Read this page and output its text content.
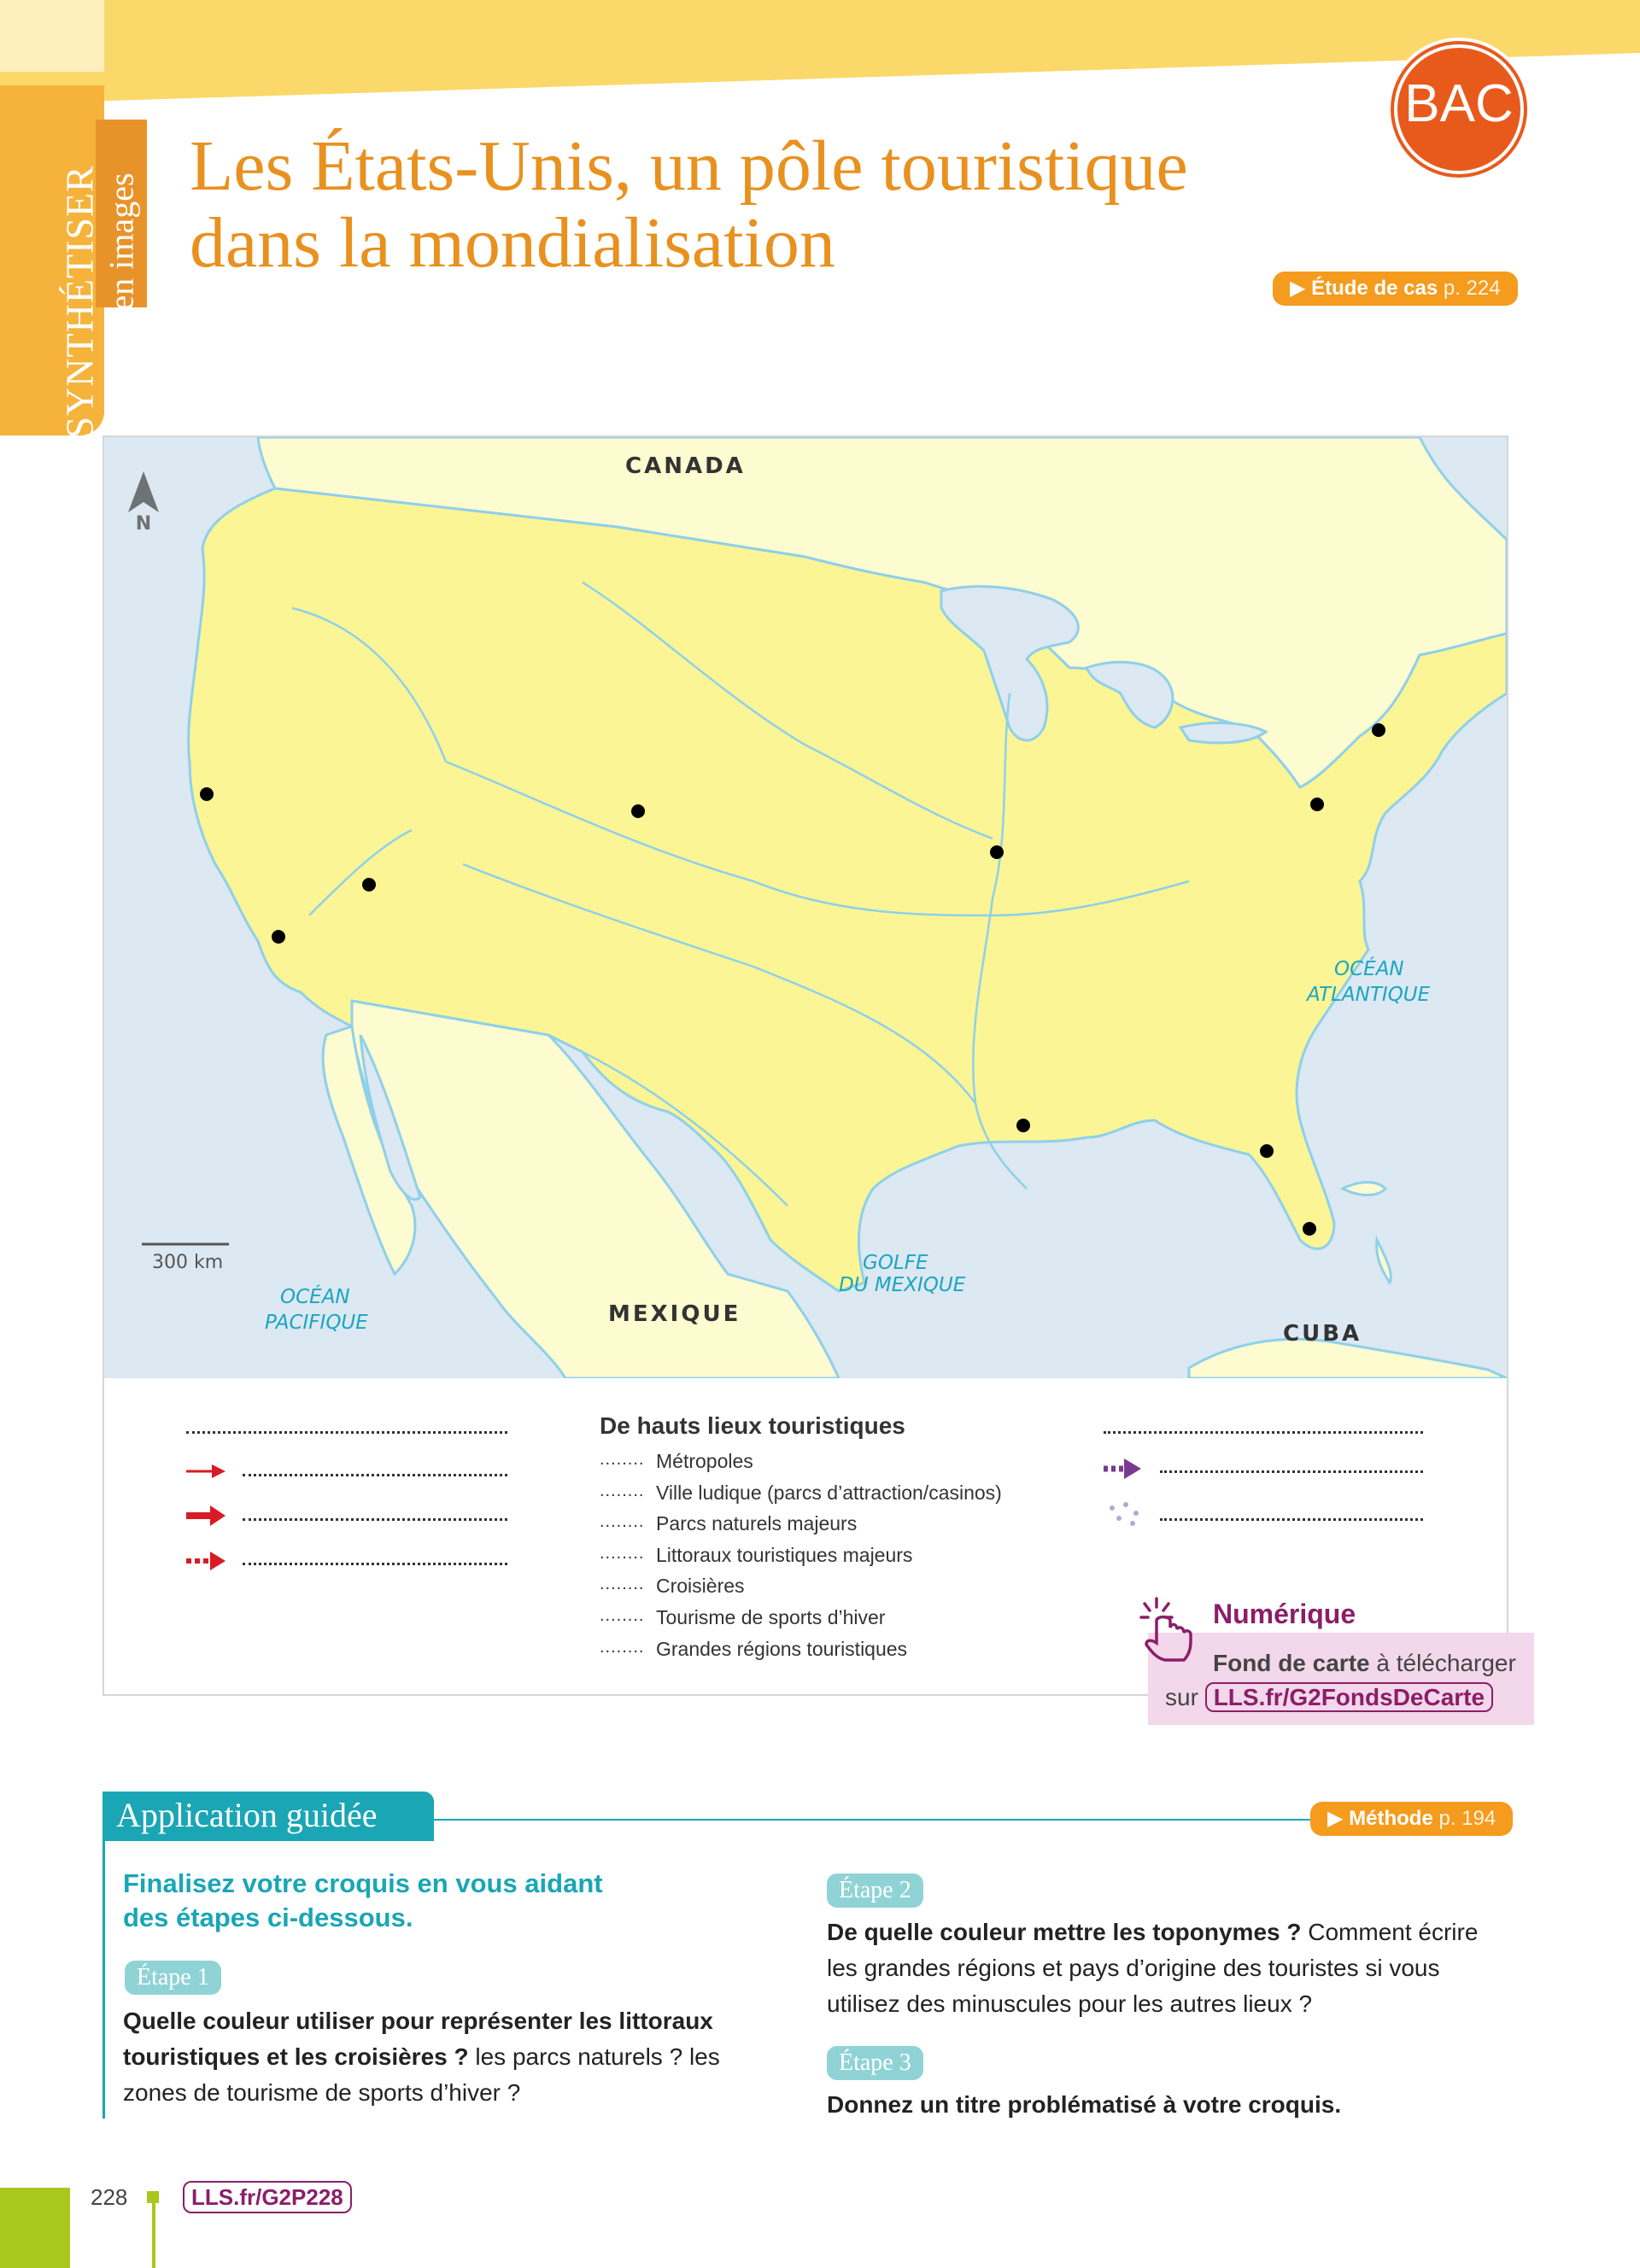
SYNTHÉTISER en images
Les États-Unis, un pôle touristique
dans la mondialisation
BAC
▶ Étude de cas p. 224
N
300 km
CANADA
MEXIQUE
CUBA
OCÉAN
ATLANTIQUE
OCÉAN
PACIFIQUE
GOLFE
DU MEXIQUE
De hauts lieux touristiques
........ Métropoles
........ Ville ludique (parcs d’attraction/casinos)
........ Parcs naturels majeurs
........ Littoraux touristiques majeurs
........ Croisières
........ Tourisme de sports d’hiver
........ Grandes régions touristiques
Numérique
Fond de carte à télécharger
sur LLS.fr/G2FondsDeCarte
Application guidée	▶ Méthode p. 194
Finalisez votre croquis en vous aidant
des étapes ci-dessous.
Étape 1
Quelle couleur utiliser pour représenter les littoraux touristiques et les croisières ? les parcs naturels ? les zones de tourisme de sports d’hiver ?
Étape 2
De quelle couleur mettre les toponymes ? Comment écrire les grandes régions et pays d’origine des touristes si vous utilisez des minuscules pour les autres lieux ?
Étape 3
Donnez un titre problématisé à votre croquis.
228	LLS.fr/G2P228
